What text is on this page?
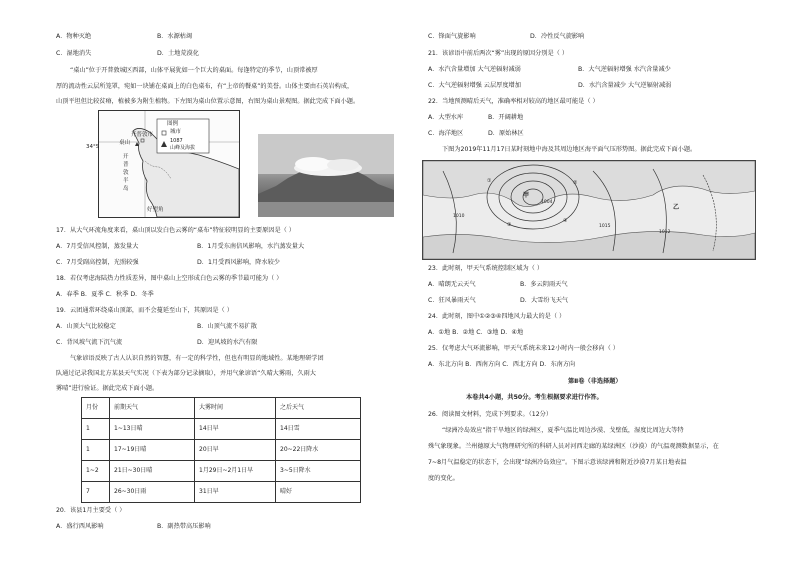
A．物种灭绝	B．水源枯竭
C．湿地消失	D．土地荒漠化
“桌山”位于开普敦城区西部，山体平展犹如一个巨大的桌面。每逢特定的季节，山顶常被厚
厚的流动性云层所笼罩，宛如一块铺在桌面上的白色桌布，有“上帝的餐桌”的美誉。山体主要由石英岩构成，
山顶平坦但比较贫瘠，植被多为附生植物。下左图为桌山位置示意图，右图为桌山景观图。据此完成下面小题。
图例
城市
1087
山峰及海拔
桌山
开普敦市
开
普
敦
半
岛
好望角
34°S
17．从大气环流角度来看，桌山顶以发白色云雾的“桌布”特征较明显的主要原因是（ ）
A．7月受信风控制，蒸发量大	B．1月受东南信风影响，水汽蒸发量大
C．7月受副高控制，光照较强	D．1月受西风影响，降水较少
18．若仅考虑海陆热力性质差异，图中桌山上空形成白色云雾的季节最可能为（ ）
A．春季 B．夏季 C．秋季 D．冬季
19．云团通常环绕桌山顶部，而不会蔓延至山下，其原因是（ ）
A．山顶大气比较稳定	B．山顶气流不易扩散
C．背风坡气流下沉气流	D．迎风坡的水汽有限
气象谚语反映了古人认识自然的智慧，有一定的科学性，但也有明显的地域性。某地理研学团
队通过记录我国北方某县天气实况（下表为部分记录摘取），并用气象谚语“久晴大雾雨，久雨大
雾晴”进行验证。据此完成下面小题。
月份	前期天气	大雾时间	之后天气
1	1~13日晴	14日早	14日雪
1	17~19日晴	20日早	20~22日降水
1~2	21日~30日晴	1月29日~2月1日早	3~5日降水
7	26~30日雨	31日早	晴好
20．该县1月主要受（ ）
A．盛行西风影响	B．副热带高压影响
C．锋面气旋影响	D．冷性反气旋影响
21．该谚语中前后两次“雾”出现的原因分别是（ ）
A．水汽含量增加 大气逆辐射减弱	B．大气逆辐射增强 水汽含量减少
C．大气逆辐射增强 云层厚度增加	D．水汽含量减少 大气逆辐射减弱
22．当地预测晴后天气，准确率相对较高的地区最可能是（ ）
A．大型水库	B．开阔耕地
C．海洋地区	D．原始林区
下图为2019年11月17日某时刻地中海及其周边地区海平面气压形势图。据此完成下面小题。
甲
乙
①	②
③
④
1015
1012
1010
1004
23．此时刻，甲天气系统控制区域为（ ）
A．晴朗无云天气	B．多云阴雨天气
C．狂风暴雨天气	D．大雪纷飞天气
24．此时刻，图中①②③④四地风力最大的是（ ）
A．①地 B．②地 C．③地 D．④地
25．仅考虑大气环流影响，甲天气系统未来12小时内一般会移向（ ）
A．东北方向 B．西南方向 C．西北方向 D．东南方向
第Ⅱ卷（非选择题）
本卷共4小题，共50分。考生根据要求进行作答。
26．阅读图文材料，完成下列要求。（12分）
“绿洲冷岛效应”指干旱地区的绿洲区，夏季气温比周边沙漠、戈壁低，湿度比周边大等特
殊气象现象。兰州德原大气物理研究所的科研人员对河西走廊的某绿洲区（沙漠）的气温观测数据显示，在
7~8月气温稳定的状态下，会出现“绿洲冷岛效应”。下图示意该绿洲和附近沙漠7月某日地表温
度的变化。
